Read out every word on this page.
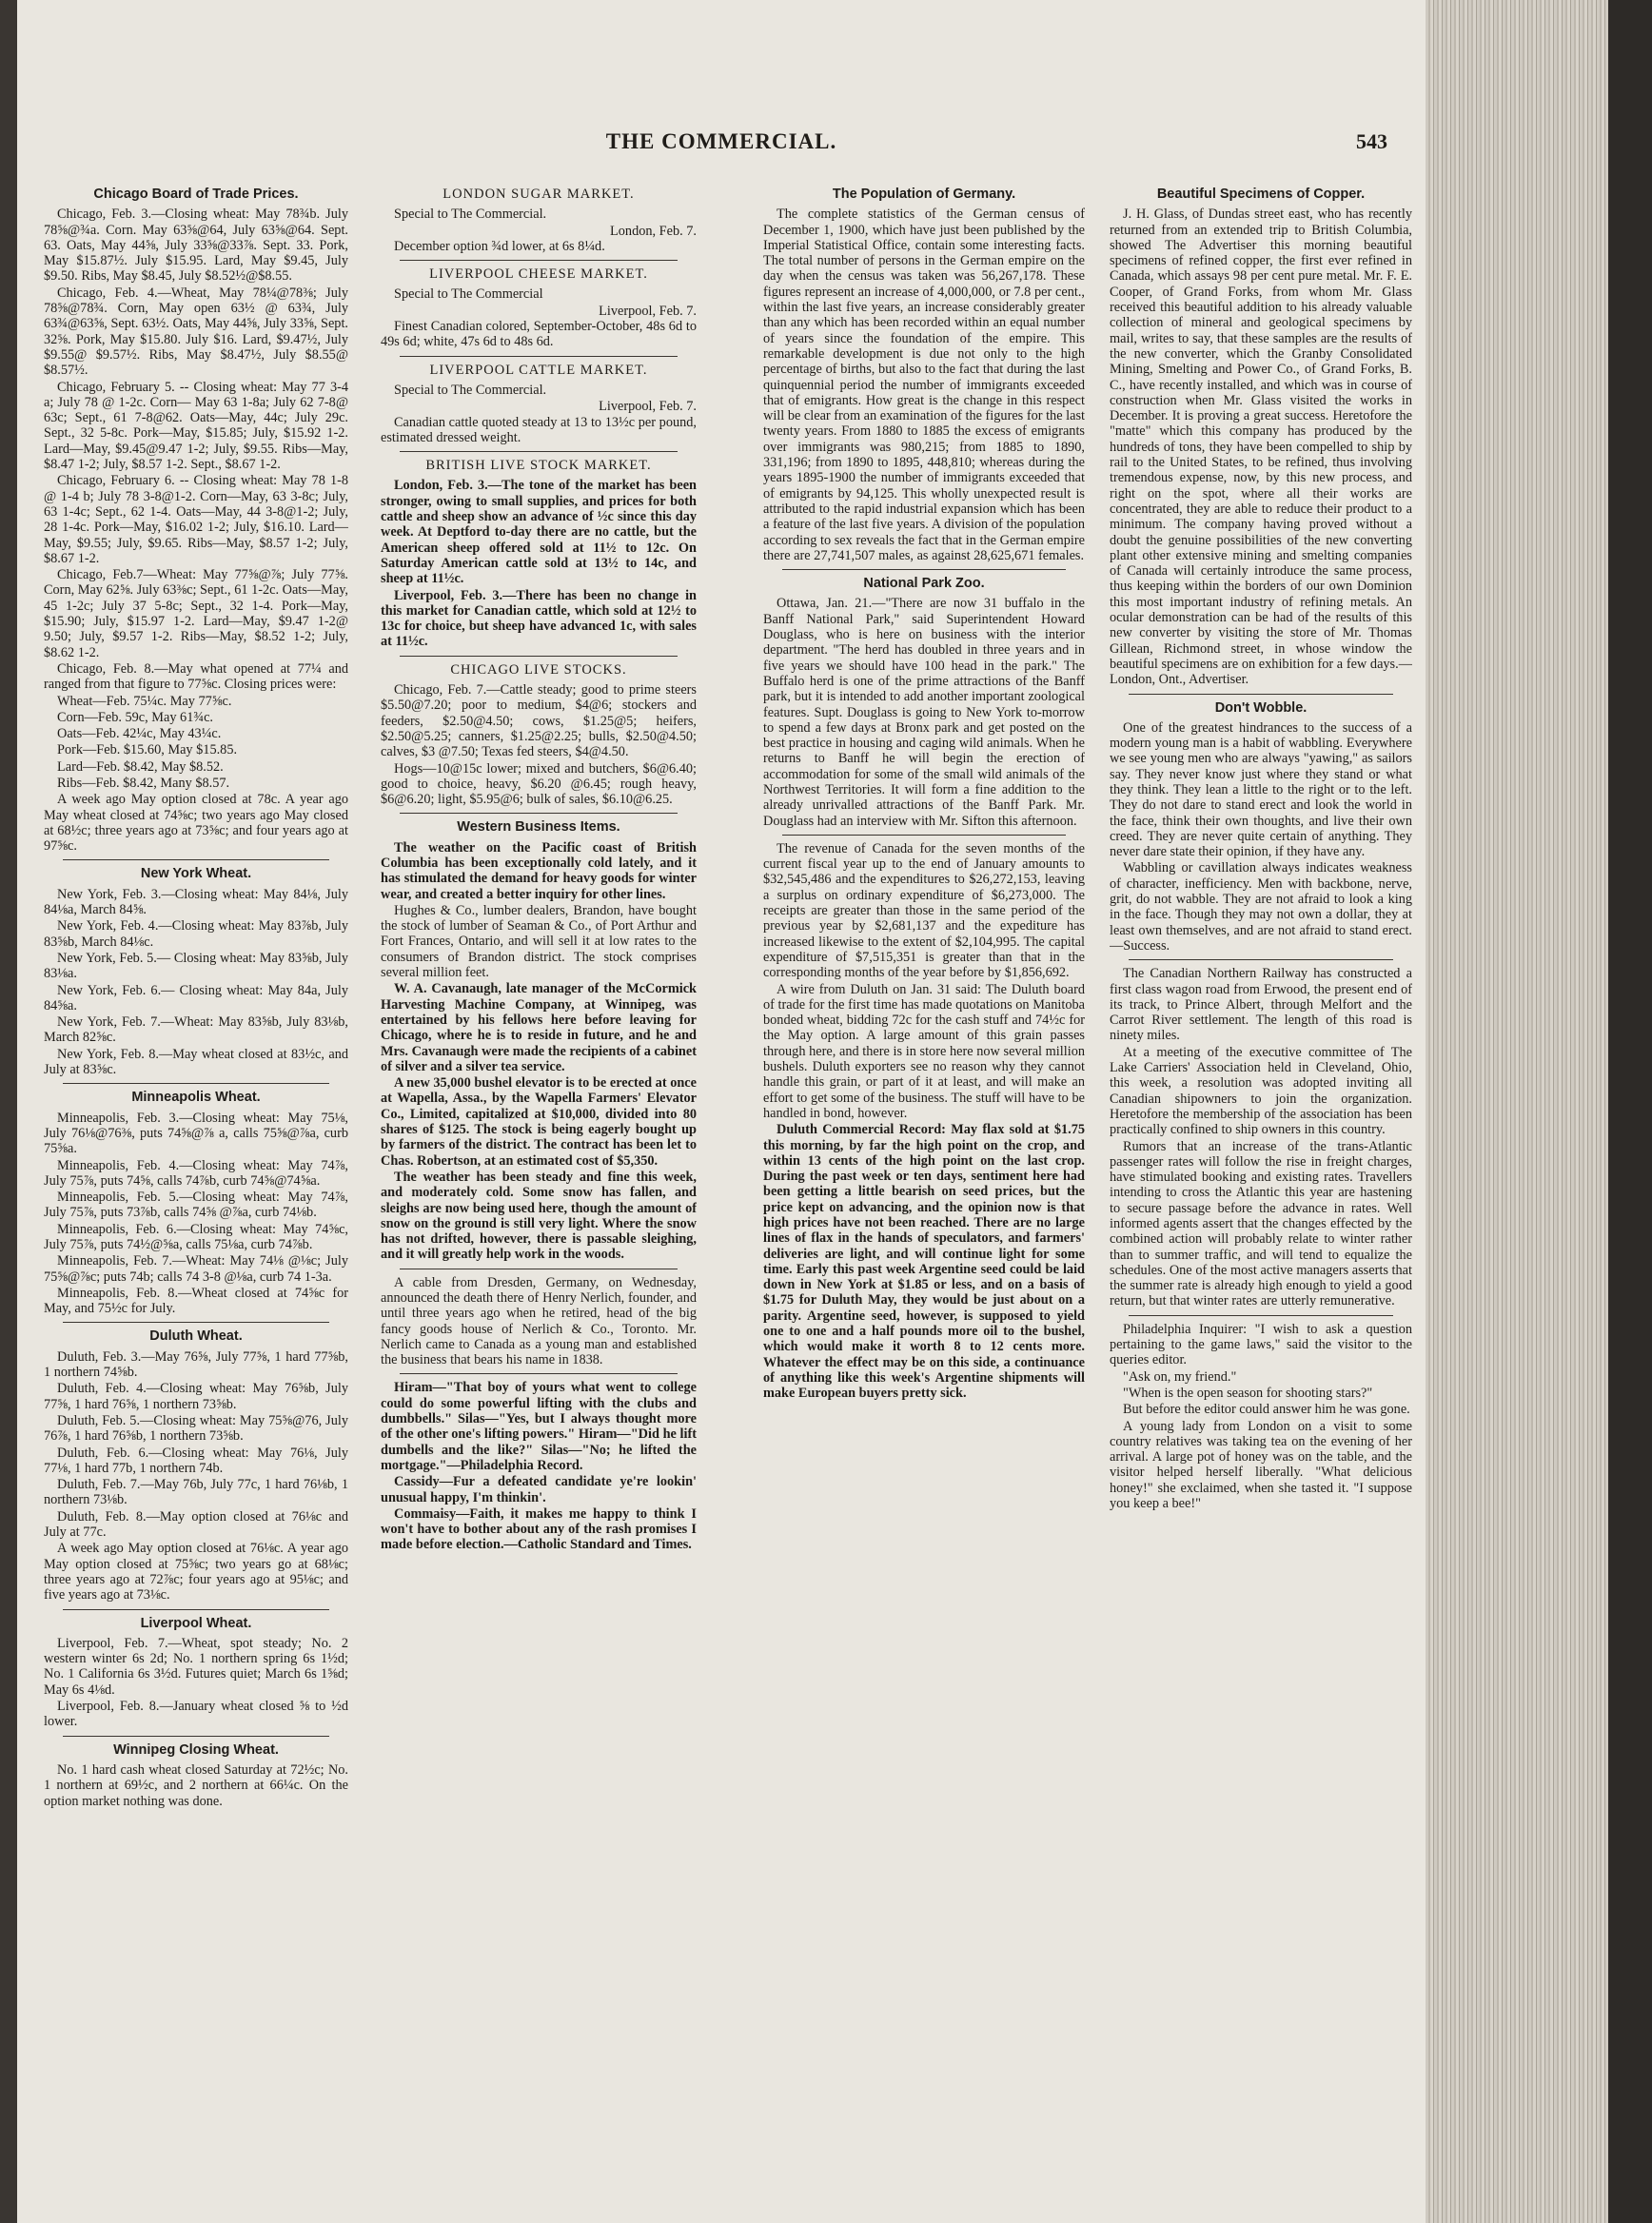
THE COMMERCIAL.	543
Chicago Board of Trade Prices.

Chicago, Feb. 3.—Closing wheat: May 78¾b. July 78⅝@¾a. Corn. May 63⅝@64, July 63⅝@64. Sept. 63. Oats, May 44⅝, July 33⅝@33⅞. Sept. 33. Pork, May $15.87½. July $15.95. Lard, May $9.45, July $9.50. Ribs, May $8.45, July $8.52½@$8.55.

Chicago, Feb. 4.—Wheat, May 78¼@78⅜; July 78⅝@78¾. Corn, May open 63½ @ 63¾, July 63¾@63⅝, Sept. 63½. Oats, May 44⅝, July 33⅝, Sept. 32⅝. Pork, May $15.80. July $16. Lard, $9.47½, July $9.55@ $9.57½. Ribs, May $8.47½, July $8.55@ $8.57½.

Chicago, February 5. -- Closing wheat: May 77 3-4 a; July 78 @ 1-2c. Corn— May 63 1-8a; July 62 7-8@ 63c; Sept., 61 7-8@62. Oats—May, 44c; July 29c. Sept., 32 5-8c. Pork—May, $15.85; July, $15.92 1-2. Lard—May, $9.45@9.47 1-2; July, $9.55. Ribs—May, $8.47 1-2; July, $8.57 1-2. Sept., $8.67 1-2.

Chicago, February 6. -- Closing wheat: May 78 1-8 @ 1-4 b; July 78 3-8@1-2. Corn—May, 63 3-8c; July, 63 1-4c; Sept., 62 1-4. Oats—May, 44 3-8@1-2; July, 28 1-4c. Pork—May, $16.02 1-2; July, $16.10. Lard—May, $9.55; July, $9.65. Ribs—May, $8.57 1-2; July, $8.67 1-2.

Chicago, Feb.7—Wheat: May 77⅝@⅞; July 77⅝. Corn, May 62⅝. July 63⅜c; Sept., 61 1-2c. Oats—May, 45 1-2c; July 37 5-8c; Sept., 32 1-4. Pork—May, $15.90; July, $15.97 1-2. Lard—May, $9.47 1-2@ 9.50; July, $9.57 1-2. Ribs—May, $8.52 1-2; July, $8.62 1-2.

Chicago, Feb. 8.—May what opened at 77¼ and ranged from that figure to 77⅝c. Closing prices were:

Wheat—Feb. 75¼c. May 77⅝c.

Corn—Feb. 59c, May 61¾c.

Oats—Feb. 42¼c, May 43¼c.

Pork—Feb. $15.60, May $15.85.

Lard—Feb. $8.42, May $8.52.

Ribs—Feb. $8.42, Many $8.57.

A week ago May option closed at 78c. A year ago May wheat closed at 74⅝c; two years ago May closed at 68½c; three years ago at 73⅝c; and four years ago at 97⅝c.

New York Wheat.

New York, Feb. 3.—Closing wheat: May 84⅛, July 84⅛a, March 84⅝.

New York, Feb. 4.—Closing wheat: May 83⅞b, July 83⅝b, March 84⅛c.

New York, Feb. 5.— Closing wheat: May 83⅝b, July 83⅛a.

New York, Feb. 6.— Closing wheat: May 84a, July 84⅝a.

New York, Feb. 7.—Wheat: May 83⅝b, July 83⅛b, March 82⅝c.

New York, Feb. 8.—May wheat closed at 83½c, and July at 83⅝c.

Minneapolis Wheat.

Minneapolis, Feb. 3.—Closing wheat: May 75⅛, July 76⅛@76⅜, puts 74⅝@⅞ a, calls 75⅝@⅞a, curb 75⅝a.

Minneapolis, Feb. 4.—Closing wheat: May 74⅞, July 75⅞, puts 74⅝, calls 74⅞b, curb 74⅝@74⅝a.

Minneapolis, Feb. 5.—Closing wheat: May 74⅞, July 75⅞, puts 73⅞b, calls 74⅝ @⅞a, curb 74⅛b.

Minneapolis, Feb. 6.—Closing wheat: May 74⅝c, July 75⅞, puts 74½@⅝a, calls 75⅛a, curb 74⅞b.

Minneapolis, Feb. 7.—Wheat: May 74⅛ @⅛c; July 75⅝@⅞c; puts 74b; calls 74 3-8 @⅛a, curb 74 1-3a.

Minneapolis, Feb. 8.—Wheat closed at 74⅝c for May, and 75½c for July.

Duluth Wheat.

Duluth, Feb. 3.—May 76⅝, July 77⅝, 1 hard 77⅝b, 1 northern 74⅝b.

Duluth, Feb. 4.—Closing wheat: May 76⅝b, July 77⅝, 1 hard 76⅝, 1 northern 73⅝b.

Duluth, Feb. 5.—Closing wheat: May 75⅝@76, July 76⅞, 1 hard 76⅝b, 1 northern 73⅝b.

Duluth, Feb. 6.—Closing wheat: May 76⅛, July 77⅛, 1 hard 77b, 1 northern 74b.

Duluth, Feb. 7.—May 76b, July 77c, 1 hard 76⅛b, 1 northern 73⅛b.

Duluth, Feb. 8.—May option closed at 76⅛c and July at 77c.

A week ago May option closed at 76⅛c. A year ago May option closed at 75⅝c; two years go at 68⅛c; three years ago at 72⅞c; four years ago at 95⅛c; and five years ago at 73⅛c.

Liverpool Wheat.

Liverpool, Feb. 7.—Wheat, spot steady; No. 2 western winter 6s 2d; No. 1 northern spring 6s 1½d; No. 1 California 6s 3½d. Futures quiet; March 6s 1⅝d; May 6s 4⅛d.

Liverpool, Feb. 8.—January wheat closed ⅝ to ½d lower.

Winnipeg Closing Wheat.

No. 1 hard cash wheat closed Saturday at 72½c; No. 1 northern at 69½c, and 2 northern at 66¼c. On the option market nothing was done.

LONDON SUGAR MARKET.

Special to The Commercial.

London, Feb. 7.

December option ¾d lower, at 6s 8¼d.

LIVERPOOL CHEESE MARKET.

Special to The Commercial

Liverpool, Feb. 7.

Finest Canadian colored, September-October, 48s 6d to 49s 6d; white, 47s 6d to 48s 6d.

LIVERPOOL CATTLE MARKET.

Special to The Commercial.

Liverpool, Feb. 7.

Canadian cattle quoted steady at 13 to 13½c per pound, estimated dressed weight.

BRITISH LIVE STOCK MARKET.

London, Feb. 3.—The tone of the market has been stronger, owing to small supplies, and prices for both cattle and sheep show an advance of ½c since this day week. At Deptford to-day there are no cattle, but the American sheep offered sold at 11½ to 12c. On Saturday American cattle sold at 13½ to 14c, and sheep at 11½c.

Liverpool, Feb. 3.—There has been no change in this market for Canadian cattle, which sold at 12½ to 13c for choice, but sheep have advanced 1c, with sales at 11½c.

CHICAGO LIVE STOCKS.

Chicago, Feb. 7.—Cattle steady; good to prime steers $5.50@7.20; poor to medium, $4@6; stockers and feeders, $2.50@4.50; cows, $1.25@5; heifers, $2.50@5.25; canners, $1.25@2.25; bulls, $2.50@4.50; calves, $3 @7.50; Texas fed steers, $4@4.50.

Hogs—10@15c lower; mixed and butchers, $6@6.40; good to choice, heavy, $6.20 @6.45; rough heavy, $6@6.20; light, $5.95@6; bulk of sales, $6.10@6.25.

Western Business Items.

The weather on the Pacific coast of British Columbia has been exceptionally cold lately, and it has stimulated the demand for heavy goods for winter wear, and created a better inquiry for other lines.

Hughes & Co., lumber dealers, Brandon, have bought the stock of lumber of Seaman & Co., of Port Arthur and Fort Frances, Ontario, and will sell it at low rates to the consumers of Brandon district. The stock comprises several million feet.

W. A. Cavanaugh, late manager of the McCormick Harvesting Machine Company, at Winnipeg, was entertained by his fellows here before leaving for Chicago, where he is to reside in future, and he and Mrs. Cavanaugh were made the recipients of a cabinet of silver and a silver tea service.

A new 35,000 bushel elevator is to be erected at once at Wapella, Assa., by the Wapella Farmers' Elevator Co., Limited, capitalized at $10,000, divided into 80 shares of $125. The stock is being eagerly bought up by farmers of the district. The contract has been let to Chas. Robertson, at an estimated cost of $5,350.

The weather has been steady and fine this week, and moderately cold. Some snow has fallen, and sleighs are now being used here, though the amount of snow on the ground is still very light. Where the snow has not drifted, however, there is passable sleighing, and it will greatly help work in the woods.

A cable from Dresden, Germany, on Wednesday, announced the death there of Henry Nerlich, founder, and until three years ago when he retired, head of the big fancy goods house of Nerlich & Co., Toronto. Mr. Nerlich came to Canada as a young man and established the business that bears his name in 1838.

Hiram—"That boy of yours what went to college could do some powerful lifting with the clubs and dumbbells." Silas—"Yes, but I always thought more of the other one's lifting powers." Hiram—"Did he lift dumbells and the like?" Silas—"No; he lifted the mortgage."—Philadelphia Record.

Cassidy—Fur a defeated candidate ye're lookin' unusual happy, I'm thinkin'.

Commaisy—Faith, it makes me happy to think I won't have to bother about any of the rash promises I made before election.—Catholic Standard and Times.

The Population of Germany.

The complete statistics of the German census of December 1, 1900, which have just been published by the Imperial Statistical Office, contain some interesting facts. The total number of persons in the German empire on the day when the census was taken was 56,267,178. These figures represent an increase of 4,000,000, or 7.8 per cent., within the last five years, an increase considerably greater than any which has been recorded within an equal number of years since the foundation of the empire. This remarkable development is due not only to the high percentage of births, but also to the fact that during the last quinquennial period the number of immigrants exceeded that of emigrants. How great is the change in this respect will be clear from an examination of the figures for the last twenty years. From 1880 to 1885 the excess of emigrants over immigrants was 980,215; from 1885 to 1890, 331,196; from 1890 to 1895, 448,810; whereas during the years 1895-1900 the number of immigrants exceeded that of emigrants by 94,125. This wholly unexpected result is attributed to the rapid industrial expansion which has been a feature of the last five years. A division of the population according to sex reveals the fact that in the German empire there are 27,741,507 males, as against 28,625,671 females.

National Park Zoo.

Ottawa, Jan. 21.—"There are now 31 buffalo in the Banff National Park," said Superintendent Howard Douglass, who is here on business with the interior department. "The herd has doubled in three years and in five years we should have 100 head in the park." The Buffalo herd is one of the prime attractions of the Banff park, but it is intended to add another important zoological features. Supt. Douglass is going to New York to-morrow to spend a few days at Bronx park and get posted on the best practice in housing and caging wild animals. When he returns to Banff he will begin the erection of accommodation for some of the small wild animals of the Northwest Territories. It will form a fine addition to the already unrivalled attractions of the Banff Park. Mr. Douglass had an interview with Mr. Sifton this afternoon.

The revenue of Canada for the seven months of the current fiscal year up to the end of January amounts to $32,545,486 and the expenditures to $26,272,153, leaving a surplus on ordinary expenditure of $6,273,000. The receipts are greater than those in the same period of the previous year by $2,681,137 and the expediture has increased likewise to the extent of $2,104,995. The capital expenditure of $7,515,351 is greater than that in the corresponding months of the year before by $1,856,692.

A wire from Duluth on Jan. 31 said: The Duluth board of trade for the first time has made quotations on Manitoba bonded wheat, bidding 72c for the cash stuff and 74½c for the May option. A large amount of this grain passes through here, and there is in store here now several million bushels. Duluth exporters see no reason why they cannot handle this grain, or part of it at least, and will make an effort to get some of the business. The stuff will have to be handled in bond, however.

Duluth Commercial Record: May flax sold at $1.75 this morning, by far the high point on the crop, and within 13 cents of the high point on the last crop. During the past week or ten days, sentiment here had been getting a little bearish on seed prices, but the price kept on advancing, and the opinion now is that high prices have not been reached. There are no large lines of flax in the hands of speculators, and farmers' deliveries are light, and will continue light for some time. Early this past week Argentine seed could be laid down in New York at $1.85 or less, and on a basis of $1.75 for Duluth May, they would be just about on a parity. Argentine seed, however, is supposed to yield one to one and a half pounds more oil to the bushel, which would make it worth 8 to 12 cents more. Whatever the effect may be on this side, a continuance of anything like this week's Argentine shipments will make European buyers pretty sick.

Beautiful Specimens of Copper.

J. H. Glass, of Dundas street east, who has recently returned from an extended trip to British Columbia, showed The Advertiser this morning beautiful specimens of refined copper, the first ever refined in Canada, which assays 98 per cent pure metal. Mr. F. E. Cooper, of Grand Forks, from whom Mr. Glass received this beautiful addition to his already valuable collection of mineral and geological specimens by mail, writes to say, that these samples are the results of the new converter, which the Granby Consolidated Mining, Smelting and Power Co., of Grand Forks, B. C., have recently installed, and which was in course of construction when Mr. Glass visited the works in December. It is proving a great success. Heretofore the "matte" which this company has produced by the hundreds of tons, they have been compelled to ship by rail to the United States, to be refined, thus involving tremendous expense, now, by this new process, and right on the spot, where all their works are concentrated, they are able to reduce their product to a minimum. The company having proved without a doubt the genuine possibilities of the new converting plant other extensive mining and smelting companies of Canada will certainly introduce the same process, thus keeping within the borders of our own Dominion this most important industry of refining metals. An ocular demonstration can be had of the results of this new converter by visiting the store of Mr. Thomas Gillean, Richmond street, in whose window the beautiful specimens are on exhibition for a few days.—London, Ont., Advertiser.

Don't Wobble.

One of the greatest hindrances to the success of a modern young man is a habit of wabbling. Everywhere we see young men who are always "yawing," as sailors say. They never know just where they stand or what they think. They lean a little to the right or to the left. They do not dare to stand erect and look the world in the face, think their own thoughts, and live their own creed. They are never quite certain of anything. They never dare state their opinion, if they have any.

Wabbling or cavillation always indicates weakness of character, inefficiency. Men with backbone, nerve, grit, do not wabble. They are not afraid to look a king in the face. Though they may not own a dollar, they at least own themselves, and are not afraid to stand erect.—Success.

The Canadian Northern Railway has constructed a first class wagon road from Erwood, the present end of its track, to Prince Albert, through Melfort and the Carrot River settlement. The length of this road is ninety miles.

At a meeting of the executive committee of The Lake Carriers' Association held in Cleveland, Ohio, this week, a resolution was adopted inviting all Canadian shipowners to join the organization. Heretofore the membership of the association has been practically confined to ship owners in this country.

Rumors that an increase of the trans-Atlantic passenger rates will follow the rise in freight charges, have stimulated booking and existing rates. Travellers intending to cross the Atlantic this year are hastening to secure passage before the advance in rates. Well informed agents assert that the changes effected by the combined action will probably relate to winter rather than to summer traffic, and will tend to equalize the schedules. One of the most active managers asserts that the summer rate is already high enough to yield a good return, but that winter rates are utterly remunerative.

Philadelphia Inquirer: "I wish to ask a question pertaining to the game laws," said the visitor to the queries editor.

"Ask on, my friend."

"When is the open season for shooting stars?"

But before the editor could answer him he was gone.

A young lady from London on a visit to some country relatives was taking tea on the evening of her arrival. A large pot of honey was on the table, and the visitor helped herself liberally. "What delicious honey!" she exclaimed, when she tasted it. "I suppose you keep a bee!"
